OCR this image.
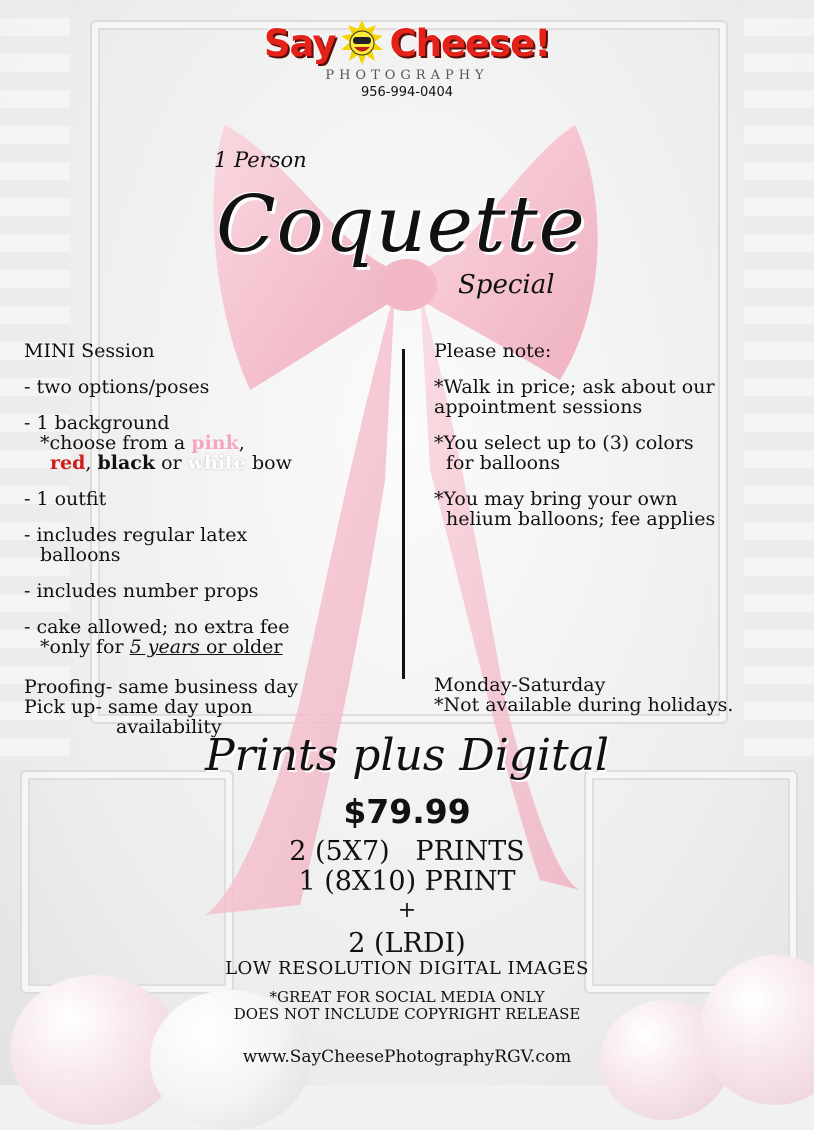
Say Cheese!
PHOTOGRAPHY
956-994-0404
1 Person
Coquette
Special

MINI Session

- two options/poses

- 1 background

*choose from a pink,

red, black or white bow

- 1 outfit

- includes regular latex

balloons

- includes number props

- cake allowed; no extra fee

*only for 5 years or older

Proofing- same business day

Pick up- same day upon

availability

Please note:

*Walk in price; ask about our

appointment sessions

*You select up to (3) colors

for balloons

*You may bring your own

helium balloons; fee applies

Monday-Saturday

*Not available during holidays.

Prints plus Digital
$79.99
2 (5X7)   PRINTS
1 (8X10) PRINT
+
2 (LRDI)
LOW RESOLUTION DIGITAL IMAGES
*GREAT FOR SOCIAL MEDIA ONLY
DOES NOT INCLUDE COPYRIGHT RELEASE
www.SayCheesePhotographyRGV.com
